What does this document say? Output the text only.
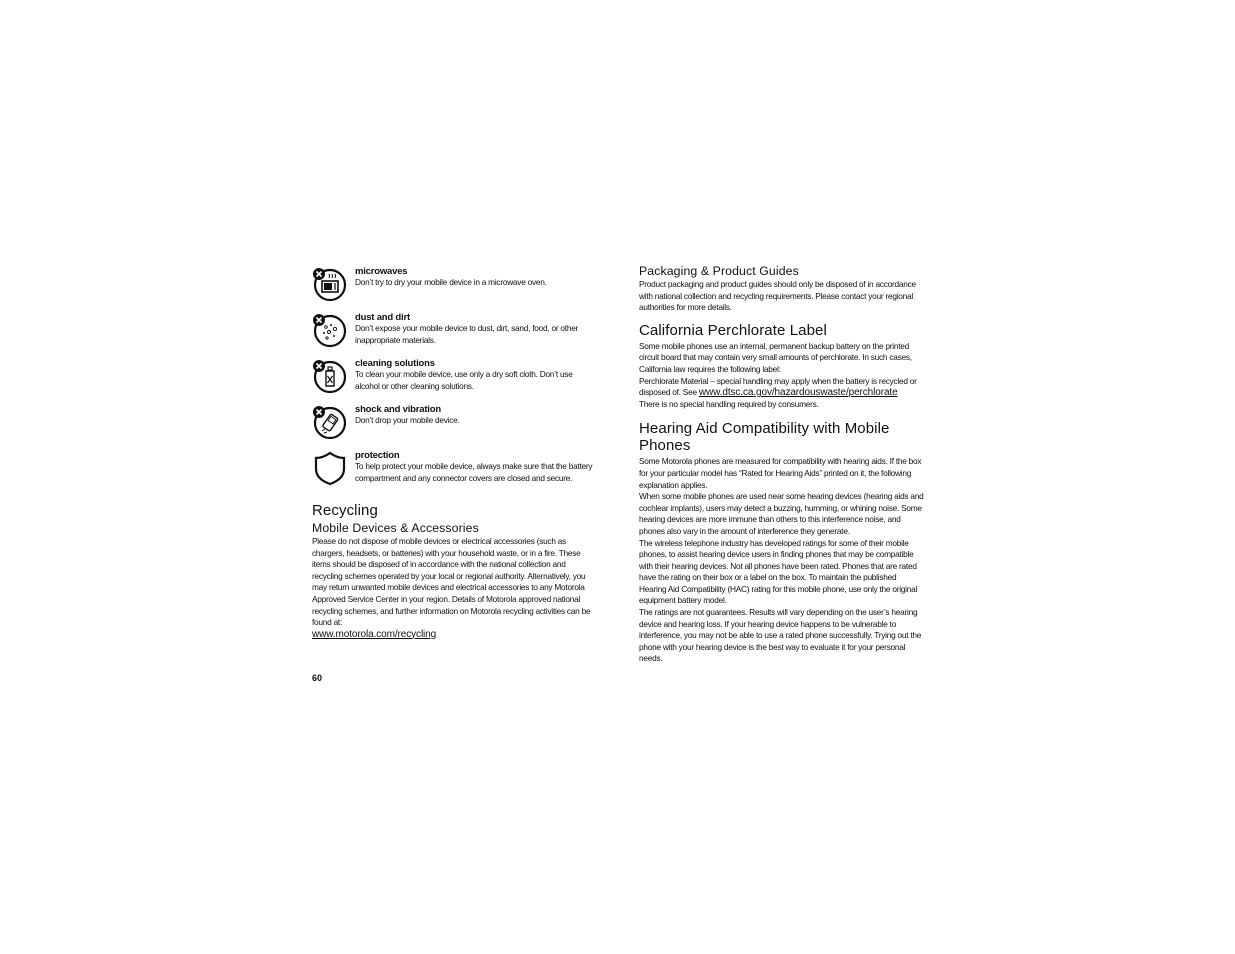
microwaves

Don’t try to dry your mobile device in a microwave oven.

dust and dirt

Don’t expose your mobile device to dust, dirt, sand, food, or other inappropriate materials.

cleaning solutions

To clean your mobile device, use only a dry soft cloth. Don’t use alcohol or other cleaning solutions.

shock and vibration

Don’t drop your mobile device.

protection

To help protect your mobile device, always make sure that the battery compartment and any connector covers are closed and secure.

Recycling
Mobile Devices & Accessories

Please do not dispose of mobile devices or electrical accessories (such as chargers, headsets, or batteries) with your household waste, or in a fire. These items should be disposed of in accordance with the national collection and recycling schemes operated by your local or regional authority. Alternatively, you may return unwanted mobile devices and electrical accessories to any Motorola Approved Service Center in your region. Details of Motorola approved national recycling schemes, and further information on Motorola recycling activities can be found at:

www.motorola.com/recycling
Packaging & Product Guides

Product packaging and product guides should only be disposed of in accordance with national collection and recycling requirements. Please contact your regional authorities for more details.

California Perchlorate Label

Some mobile phones use an internal, permanent backup battery on the printed circuit board that may contain very small amounts of perchlorate. In such cases, California law requires the following label:

Perchlorate Material – special handling may apply when the battery is recycled or disposed of. See www.dtsc.ca.gov/hazardouswaste/perchlorate

There is no special handling required by consumers.

Hearing Aid Compatibility with Mobile Phones

Some Motorola phones are measured for compatibility with hearing aids. If the box for your particular model has “Rated for Hearing Aids” printed on it, the following explanation applies.

When some mobile phones are used near some hearing devices (hearing aids and cochlear implants), users may detect a buzzing, humming, or whining noise. Some hearing devices are more immune than others to this interference noise, and phones also vary in the amount of interference they generate.

The wireless telephone industry has developed ratings for some of their mobile phones, to assist hearing device users in finding phones that may be compatible with their hearing devices. Not all phones have been rated. Phones that are rated have the rating on their box or a label on the box. To maintain the published Hearing Aid Compatibility (HAC) rating for this mobile phone, use only the original equipment battery model.

The ratings are not guarantees. Results will vary depending on the user’s hearing device and hearing loss. If your hearing device happens to be vulnerable to interference, you may not be able to use a rated phone successfully. Trying out the phone with your hearing device is the best way to evaluate it for your personal needs.

60
